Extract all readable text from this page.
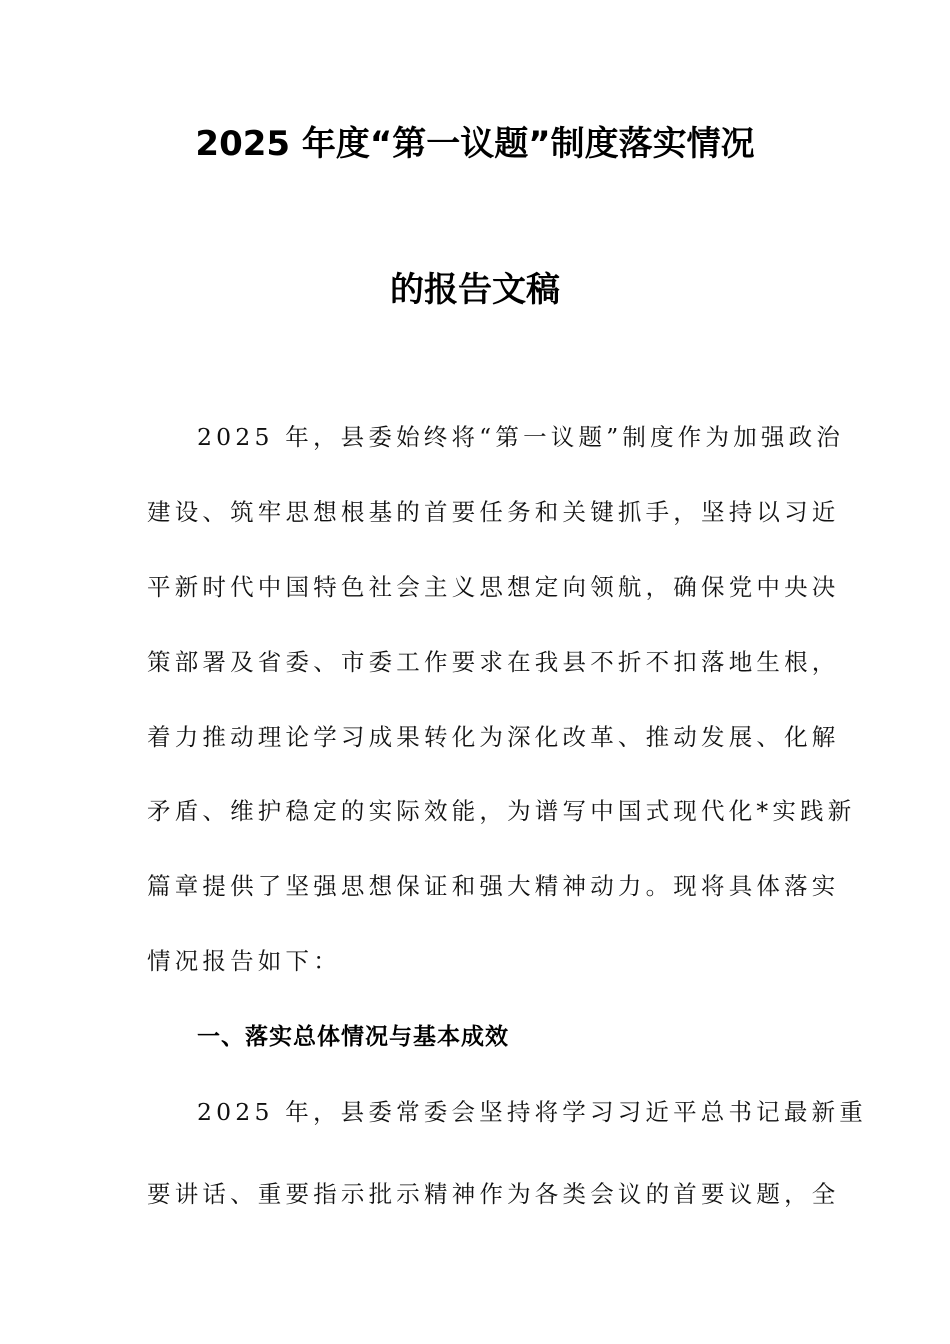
2025 年度“第一议题”制度落实情况
的报告文稿
2025 年，县委始终将“第一议题”制度作为加强政治
建设、筑牢思想根基的首要任务和关键抓手，坚持以习近
平新时代中国特色社会主义思想定向领航，确保党中央决
策部署及省委、市委工作要求在我县不折不扣落地生根，
着力推动理论学习成果转化为深化改革、推动发展、化解
矛盾、维护稳定的实际效能，为谱写中国式现代化*实践新
篇章提供了坚强思想保证和强大精神动力。现将具体落实
情况报告如下：
一、落实总体情况与基本成效
2025 年，县委常委会坚持将学习习近平总书记最新重
要讲话、重要指示批示精神作为各类会议的首要议题，全
